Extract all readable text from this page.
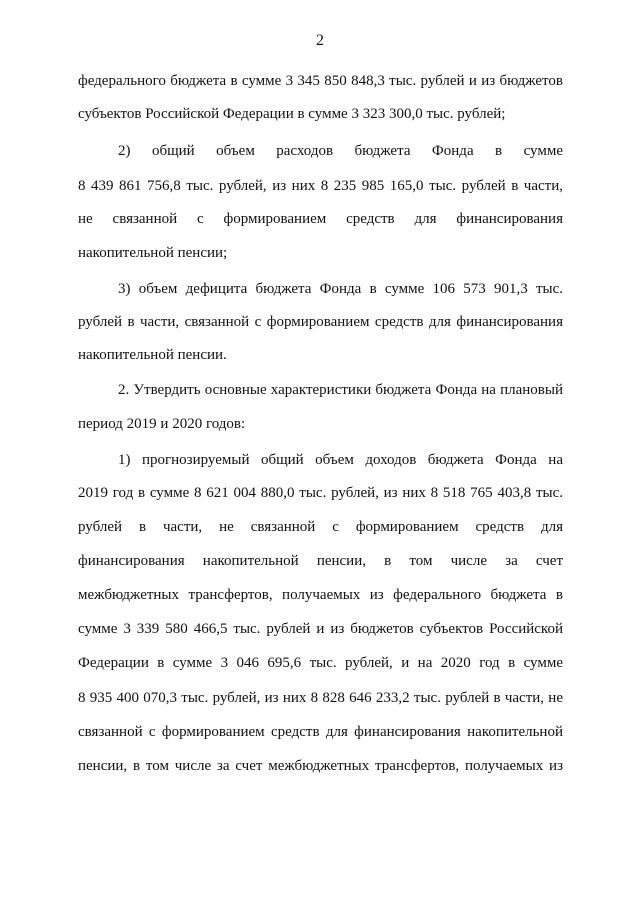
2
федерального бюджета в сумме 3 345 850 848,3 тыс. рублей и из бюджетов
субъектов Российской Федерации в сумме 3 323 300,0 тыс. рублей;
2) общий объем расходов бюджета Фонда в сумме
8 439 861 756,8 тыс. рублей, из них 8 235 985 165,0 тыс. рублей в части,
не связанной с формированием средств для финансирования
накопительной пенсии;
3) объем дефицита бюджета Фонда в сумме 106 573 901,3 тыс.
рублей в части, связанной с формированием средств для финансирования
накопительной пенсии.
2. Утвердить основные характеристики бюджета Фонда на плановый
период 2019 и 2020 годов:
1) прогнозируемый общий объем доходов бюджета Фонда на
2019 год в сумме 8 621 004 880,0 тыс. рублей, из них 8 518 765 403,8 тыс.
рублей в части, не связанной с формированием средств для
финансирования накопительной пенсии, в том числе за счет
межбюджетных трансфертов, получаемых из федерального бюджета в
сумме 3 339 580 466,5 тыс. рублей и из бюджетов субъектов Российской
Федерации в сумме 3 046 695,6 тыс. рублей, и на 2020 год в сумме
8 935 400 070,3 тыс. рублей, из них 8 828 646 233,2 тыс. рублей в части, не
связанной с формированием средств для финансирования накопительной
пенсии, в том числе за счет межбюджетных трансфертов, получаемых из
